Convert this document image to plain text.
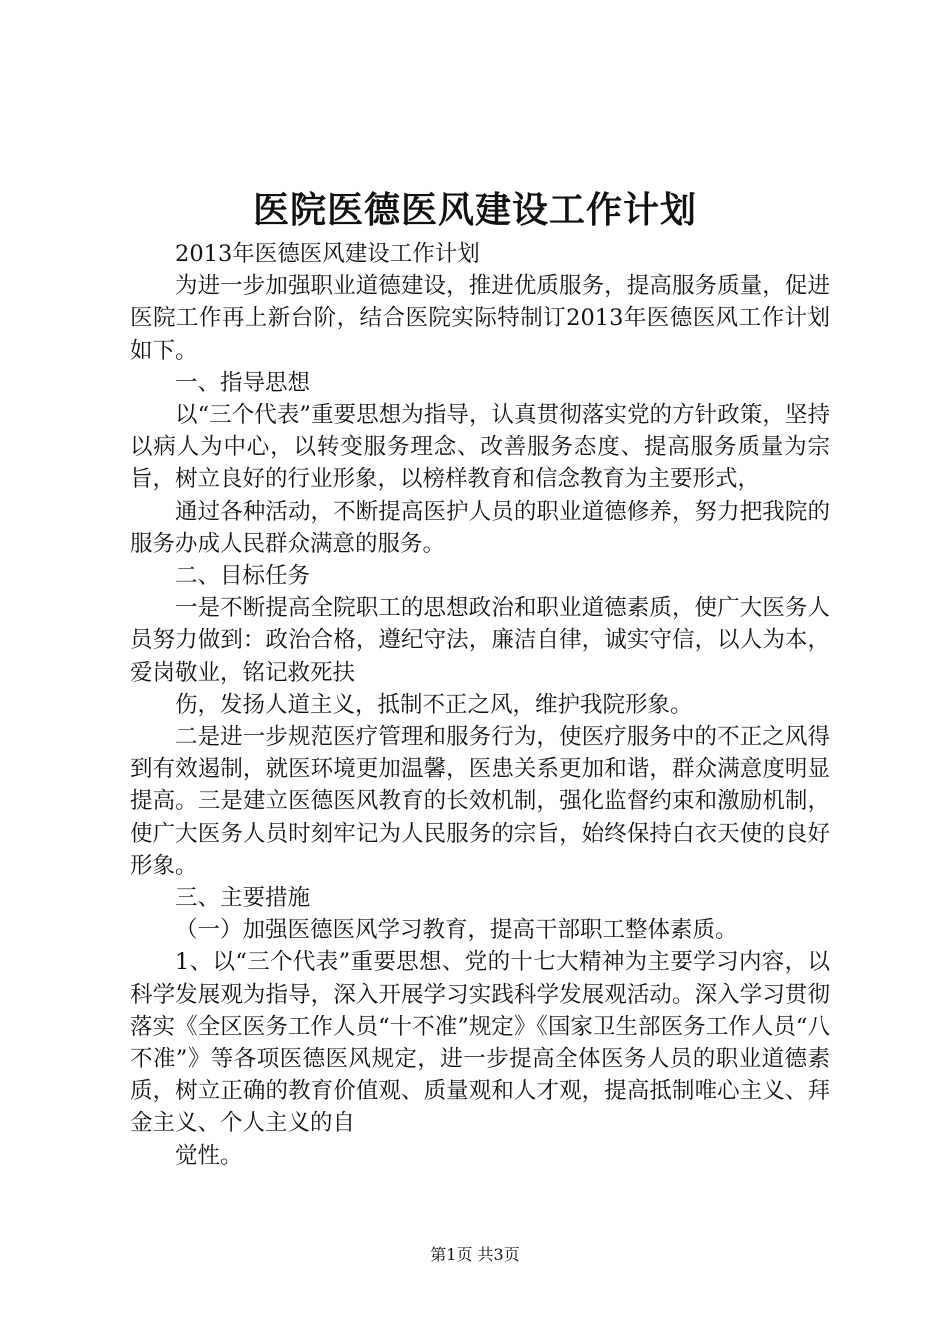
医院医德医风建设工作计划

2013年医德医风建设工作计划

为进一步加强职业道德建设，推进优质服务，提高服务质量，促进医院工作再上新台阶，结合医院实际特制订2013年医德医风工作计划如下。

一、指导思想

以“三个代表”重要思想为指导，认真贯彻落实党的方针政策，坚持以病人为中心，以转变服务理念、改善服务态度、提高服务质量为宗旨，树立良好的行业形象，以榜样教育和信念教育为主要形式，

通过各种活动，不断提高医护人员的职业道德修养，努力把我院的服务办成人民群众满意的服务。

二、目标任务

一是不断提高全院职工的思想政治和职业道德素质，使广大医务人员努力做到：政治合格，遵纪守法，廉洁自律，诚实守信，以人为本，爱岗敬业，铭记救死扶

伤，发扬人道主义，抵制不正之风，维护我院形象。

二是进一步规范医疗管理和服务行为，使医疗服务中的不正之风得到有效遏制，就医环境更加温馨，医患关系更加和谐，群众满意度明显提高。三是建立医德医风教育的长效机制，强化监督约束和激励机制，使广大医务人员时刻牢记为人民服务的宗旨，始终保持白衣天使的良好形象。

三、主要措施

（一）加强医德医风学习教育，提高干部职工整体素质。

1、以“三个代表”重要思想、党的十七大精神为主要学习内容，以科学发展观为指导，深入开展学习实践科学发展观活动。深入学习贯彻落实《全区医务工作人员“十不准”规定》《国家卫生部医务工作人员“八不准”》等各项医德医风规定，进一步提高全体医务人员的职业道德素质，树立正确的教育价值观、质量观和人才观，提高抵制唯心主义、拜金主义、个人主义的自

觉性。

第1页 共3页
